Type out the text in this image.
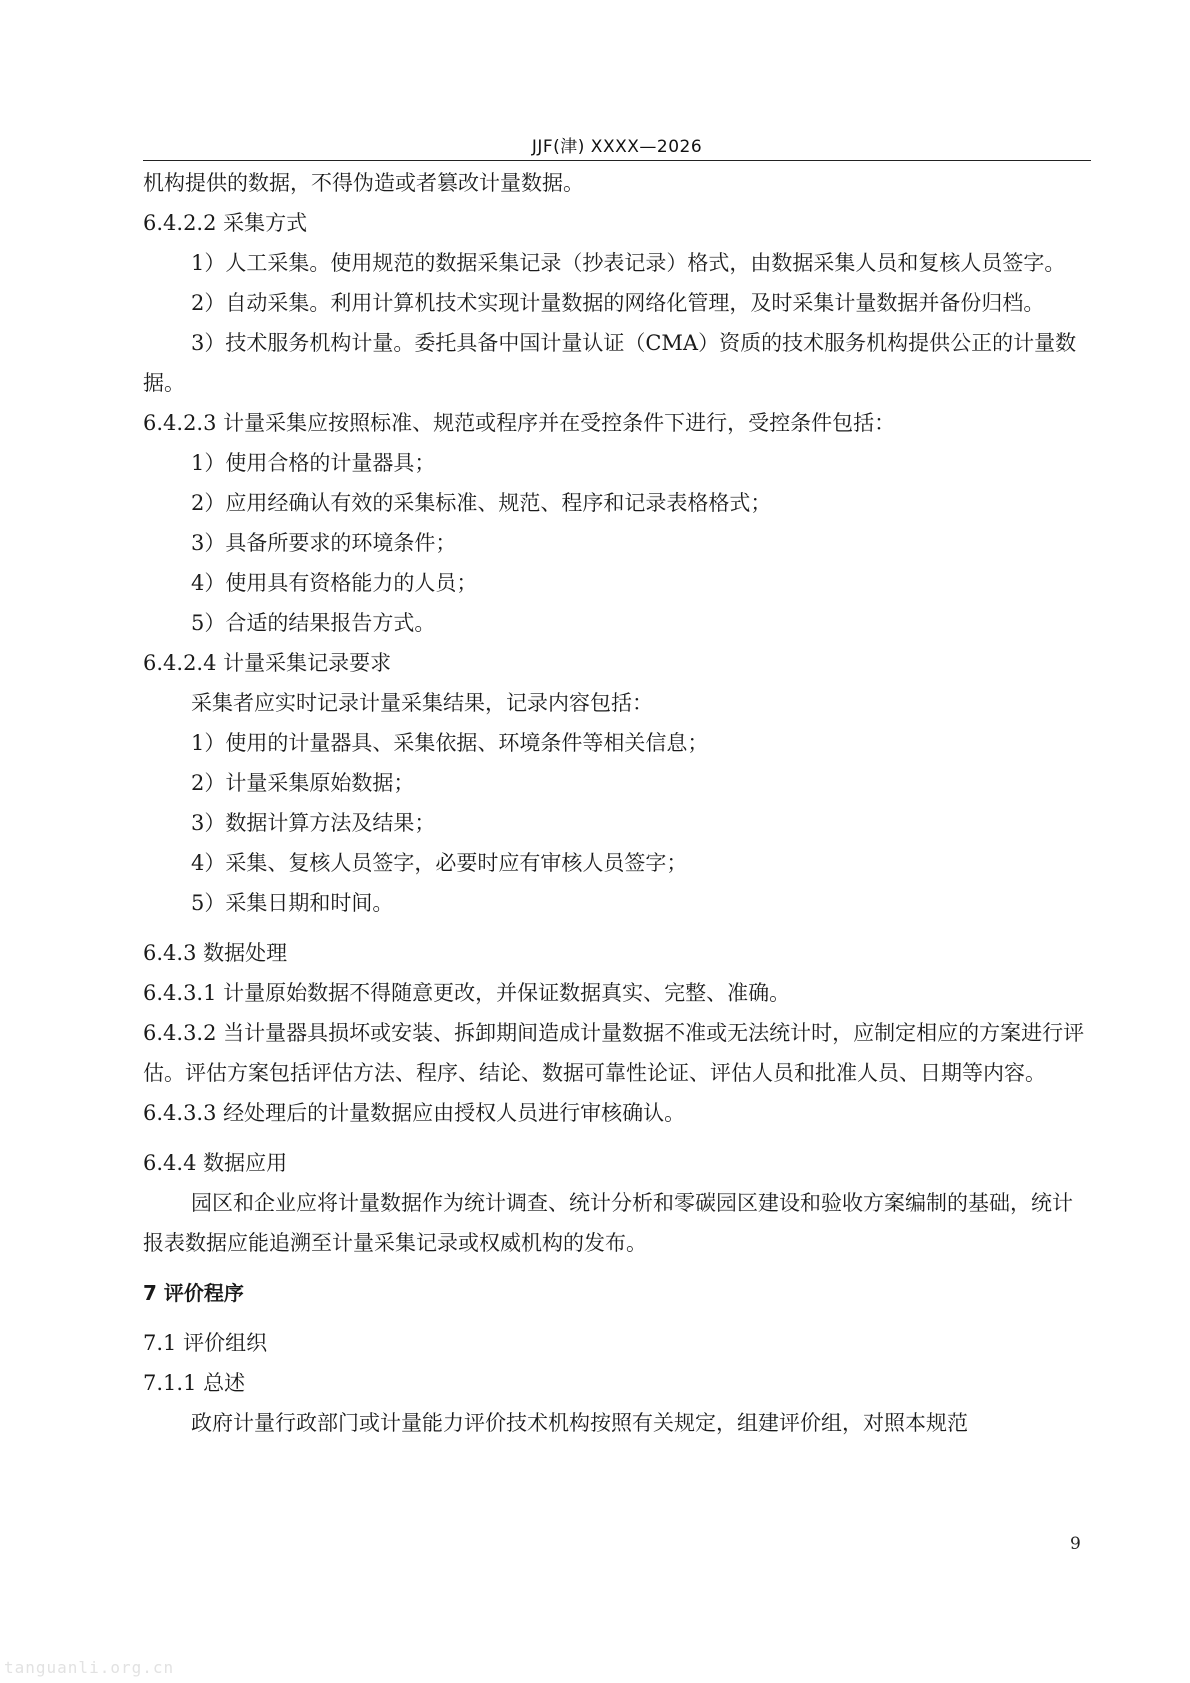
JJF(津) XXXX—2026

机构提供的数据，不得伪造或者篡改计量数据。

6.4.2.2 采集方式

1）人工采集。使用规范的数据采集记录（抄表记录）格式，由数据采集人员和复核人员签字。

2）自动采集。利用计算机技术实现计量数据的网络化管理，及时采集计量数据并备份归档。

3）技术服务机构计量。委托具备中国计量认证（CMA）资质的技术服务机构提供公正的计量数据。

6.4.2.3 计量采集应按照标准、规范或程序并在受控条件下进行，受控条件包括：

1）使用合格的计量器具；

2）应用经确认有效的采集标准、规范、程序和记录表格格式；

3）具备所要求的环境条件；

4）使用具有资格能力的人员；

5）合适的结果报告方式。

6.4.2.4 计量采集记录要求

采集者应实时记录计量采集结果，记录内容包括：

1）使用的计量器具、采集依据、环境条件等相关信息；

2）计量采集原始数据；

3）数据计算方法及结果；

4）采集、复核人员签字，必要时应有审核人员签字；

5）采集日期和时间。

6.4.3 数据处理

6.4.3.1 计量原始数据不得随意更改，并保证数据真实、完整、准确。

6.4.3.2 当计量器具损坏或安装、拆卸期间造成计量数据不准或无法统计时，应制定相应的方案进行评估。评估方案包括评估方法、程序、结论、数据可靠性论证、评估人员和批准人员、日期等内容。

6.4.3.3 经处理后的计量数据应由授权人员进行审核确认。

6.4.4 数据应用

园区和企业应将计量数据作为统计调查、统计分析和零碳园区建设和验收方案编制的基础，统计报表数据应能追溯至计量采集记录或权威机构的发布。

7 评价程序

7.1 评价组织

7.1.1 总述

政府计量行政部门或计量能力评价技术机构按照有关规定，组建评价组，对照本规范

9
tanguanli.org.cn
